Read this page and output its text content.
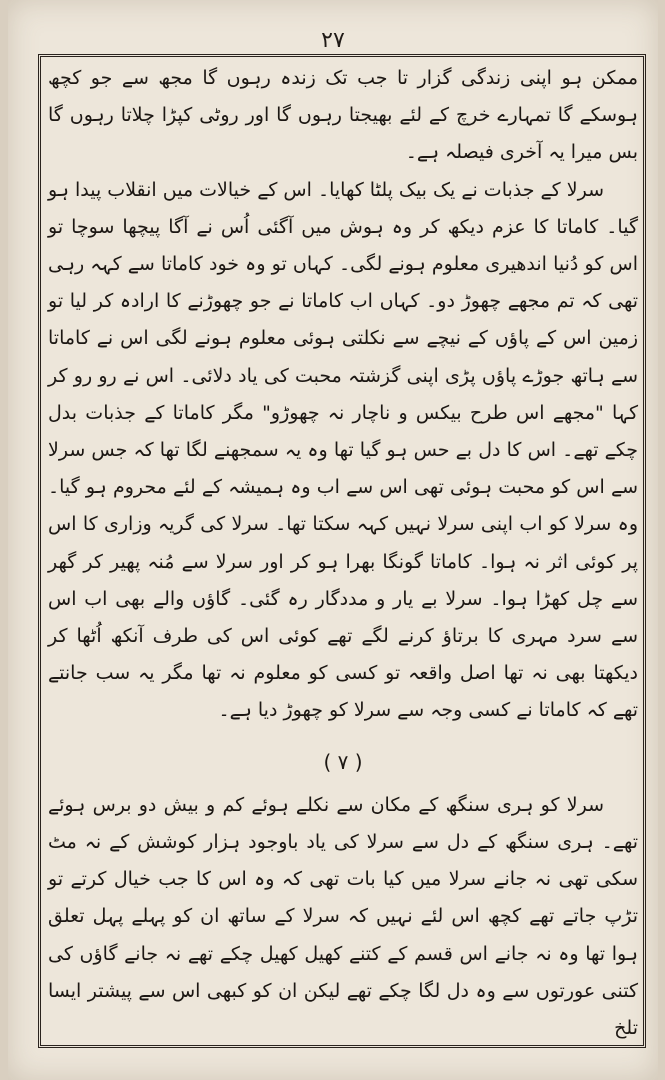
۲۷

ممکن ہو اپنی زندگی گزار تا جب تک زندہ رہوں گا مجھ سے جو کچھ ہوسکے گا تمہارے خرچ کے لئے بھیجتا رہوں گا اور روٹی کپڑا چلاتا رہوں گا بس میرا یہ آخری فیصلہ ہے۔

سرلا کے جذبات نے یک بیک پلٹا کھایا۔ اس کے خیالات میں انقلاب پیدا ہو گیا۔ کاماتا کا عزم دیکھ کر وہ ہوش میں آگئی اُس نے آگا پیچھا سوچا تو اس کو دُنیا اندھیری معلوم ہونے لگی۔ کہاں تو وہ خود کاماتا سے کہہ رہی تھی کہ تم مجھے چھوڑ دو۔ کہاں اب کاماتا نے جو چھوڑنے کا ارادہ کر لیا تو زمین اس کے پاؤں کے نیچے سے نکلتی ہوئی معلوم ہونے لگی اس نے کاماتا سے ہاتھ جوڑے پاؤں پڑی اپنی گزشتہ محبت کی یاد دلائی۔ اس نے رو رو کر کہا "مجھے اس طرح بیکس و ناچار نہ چھوڑو" مگر کاماتا کے جذبات بدل چکے تھے۔ اس کا دل بے حس ہو گیا تھا وہ یہ سمجھنے لگا تھا کہ جس سرلا سے اس کو محبت ہوئی تھی اس سے اب وہ ہمیشہ کے لئے محروم ہو گیا۔ وہ سرلا کو اب اپنی سرلا نہیں کہہ سکتا تھا۔ سرلا کی گریہ وزاری کا اس پر کوئی اثر نہ ہوا۔ کاماتا گونگا بھرا ہو کر اور سرلا سے مُنہ پھیر کر گھر سے چل کھڑا ہوا۔ سرلا بے یار و مددگار رہ گئی۔ گاؤں والے بھی اب اس سے سرد مہری کا برتاؤ کرنے لگے تھے کوئی اس کی طرف آنکھ اُٹھا کر دیکھتا بھی نہ تھا اصل واقعہ تو کسی کو معلوم نہ تھا مگر یہ سب جانتے تھے کہ کاماتا نے کسی وجہ سے سرلا کو چھوڑ دیا ہے۔

( ۷ )

سرلا کو ہری سنگھ کے مکان سے نکلے ہوئے کم و بیش دو برس ہوئے تھے۔ ہری سنگھ کے دل سے سرلا کی یاد باوجود ہزار کوشش کے نہ مٹ سکی تھی نہ جانے سرلا میں کیا بات تھی کہ وہ اس کا جب خیال کرتے تو تڑپ جاتے تھے کچھ اس لئے نہیں کہ سرلا کے ساتھ ان کو پہلے پہل تعلق ہوا تھا وہ نہ جانے اس قسم کے کتنے کھیل کھیل چکے تھے نہ جانے گاؤں کی کتنی عورتوں سے وہ دل لگا چکے تھے لیکن ان کو کبھی اس سے پیشتر ایسا تلخ
